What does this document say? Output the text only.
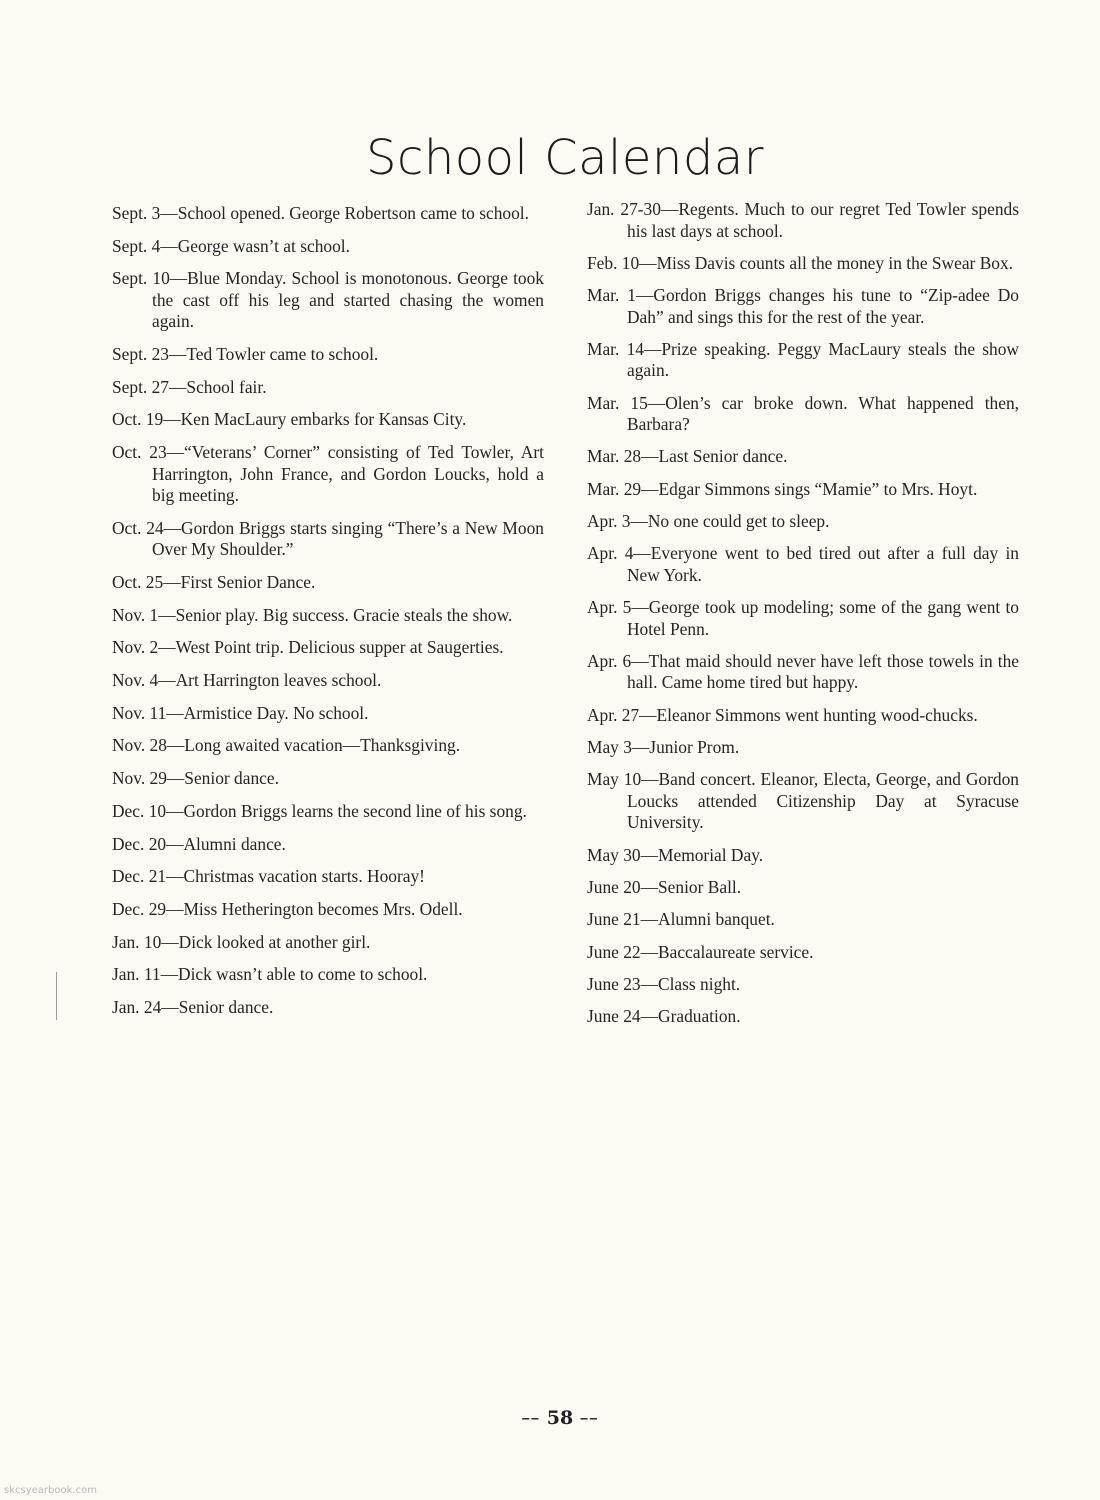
School Calendar

Sept. 3—School opened. George Robertson came to school.

Sept. 4—George wasn’t at school.

Sept. 10—Blue Monday. School is monotonous. George took the cast off his leg and started chasing the women again.

Sept. 23—Ted Towler came to school.

Sept. 27—School fair.

Oct. 19—Ken MacLaury embarks for Kansas City.

Oct. 23—“Veterans’ Corner” consisting of Ted Towler, Art Harrington, John France, and Gordon Loucks, hold a big meeting.

Oct. 24—Gordon Briggs starts singing “There’s a New Moon Over My Shoulder.”

Oct. 25—First Senior Dance.

Nov. 1—Senior play. Big success. Gracie steals the show.

Nov. 2—West Point trip. Delicious supper at Saugerties.

Nov. 4—Art Harrington leaves school.

Nov. 11—Armistice Day. No school.

Nov. 28—Long awaited vacation—Thanksgiving.

Nov. 29—Senior dance.

Dec. 10—Gordon Briggs learns the second line of his song.

Dec. 20—Alumni dance.

Dec. 21—Christmas vacation starts. Hooray!

Dec. 29—Miss Hetherington becomes Mrs. Odell.

Jan. 10—Dick looked at another girl.

Jan. 11—Dick wasn’t able to come to school.

Jan. 24—Senior dance.

Jan. 27-30—Regents. Much to our regret Ted Towler spends his last days at school.

Feb. 10—Miss Davis counts all the money in the Swear Box.

Mar. 1—Gordon Briggs changes his tune to “Zip-adee Do Dah” and sings this for the rest of the year.

Mar. 14—Prize speaking. Peggy MacLaury steals the show again.

Mar. 15—Olen’s car broke down. What happened then, Barbara?

Mar. 28—Last Senior dance.

Mar. 29—Edgar Simmons sings “Mamie” to Mrs. Hoyt.

Apr. 3—No one could get to sleep.

Apr. 4—Everyone went to bed tired out after a full day in New York.

Apr. 5—George took up modeling; some of the gang went to Hotel Penn.

Apr. 6—That maid should never have left those towels in the hall. Came home tired but happy.

Apr. 27—Eleanor Simmons went hunting wood-chucks.

May 3—Junior Prom.

May 10—Band concert. Eleanor, Electa, George, and Gordon Loucks attended Citizenship Day at Syracuse University.

May 30—Memorial Day.

June 20—Senior Ball.

June 21—Alumni banquet.

June 22—Baccalaureate service.

June 23—Class night.

June 24—Graduation.

‒‒ 58 ‒‒
skcsyearbook.com
